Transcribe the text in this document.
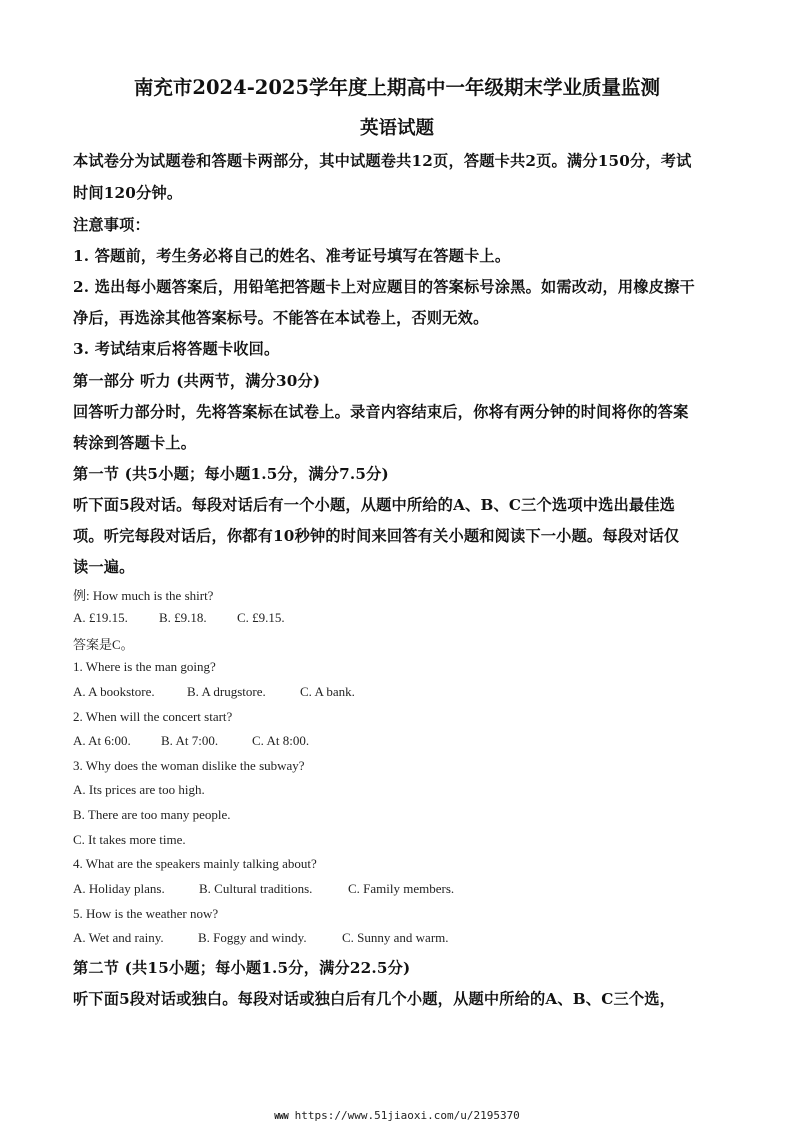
南充市2024-2025学年度上期高中一年级期末学业质量监测
英语试题
本试卷分为试题卷和答题卡两部分，其中试题卷共12页，答题卡共2页。满分150分，考试
时间120分钟。
注意事项：
1. 答题前，考生务必将自己的姓名、准考证号填写在答题卡上。
2. 选出每小题答案后，用铅笔把答题卡上对应题目的答案标号涂黑。如需改动，用橡皮擦干
净后，再选涂其他答案标号。不能答在本试卷上，否则无效。
3. 考试结束后将答题卡收回。
第一部分 听力 (共两节，满分30分)
回答听力部分时，先将答案标在试卷上。录音内容结束后，你将有两分钟的时间将你的答案
转涂到答题卡上。
第一节 (共5小题；每小题1.5分，满分7.5分)
听下面5段对话。每段对话后有一个小题，从题中所给的A、B、C三个选项中选出最佳选
项。听完每段对话后，你都有10秒钟的时间来回答有关小题和阅读下一小题。每段对话仅
读一遍。
例: How much is the shirt?
A. £19.15. B. £9.18. C. £9.15.
答案是C。
1. Where is the man going?
A. A bookstore. B. A drugstore.	C. A bank.
2. When will the concert start?
A. At 6:00. B. At 7:00.	C. At 8:00.
3. Why does the woman dislike the subway?
A. Its prices are too high.
B. There are too many people.
C. It takes more time.
4. What are the speakers mainly talking about?
A. Holiday plans.	B. Cultural traditions.	C. Family members.
5. How is the weather now?
A. Wet and rainy.	B. Foggy and windy.	C. Sunny and warm.
第二节 (共15小题；每小题1.5分，满分22.5分)
听下面5段对话或独白。每段对话或独白后有几个小题，从题中所给的A、B、C三个选，
WWW https://www.51jiaoxi.com/u/2195370
